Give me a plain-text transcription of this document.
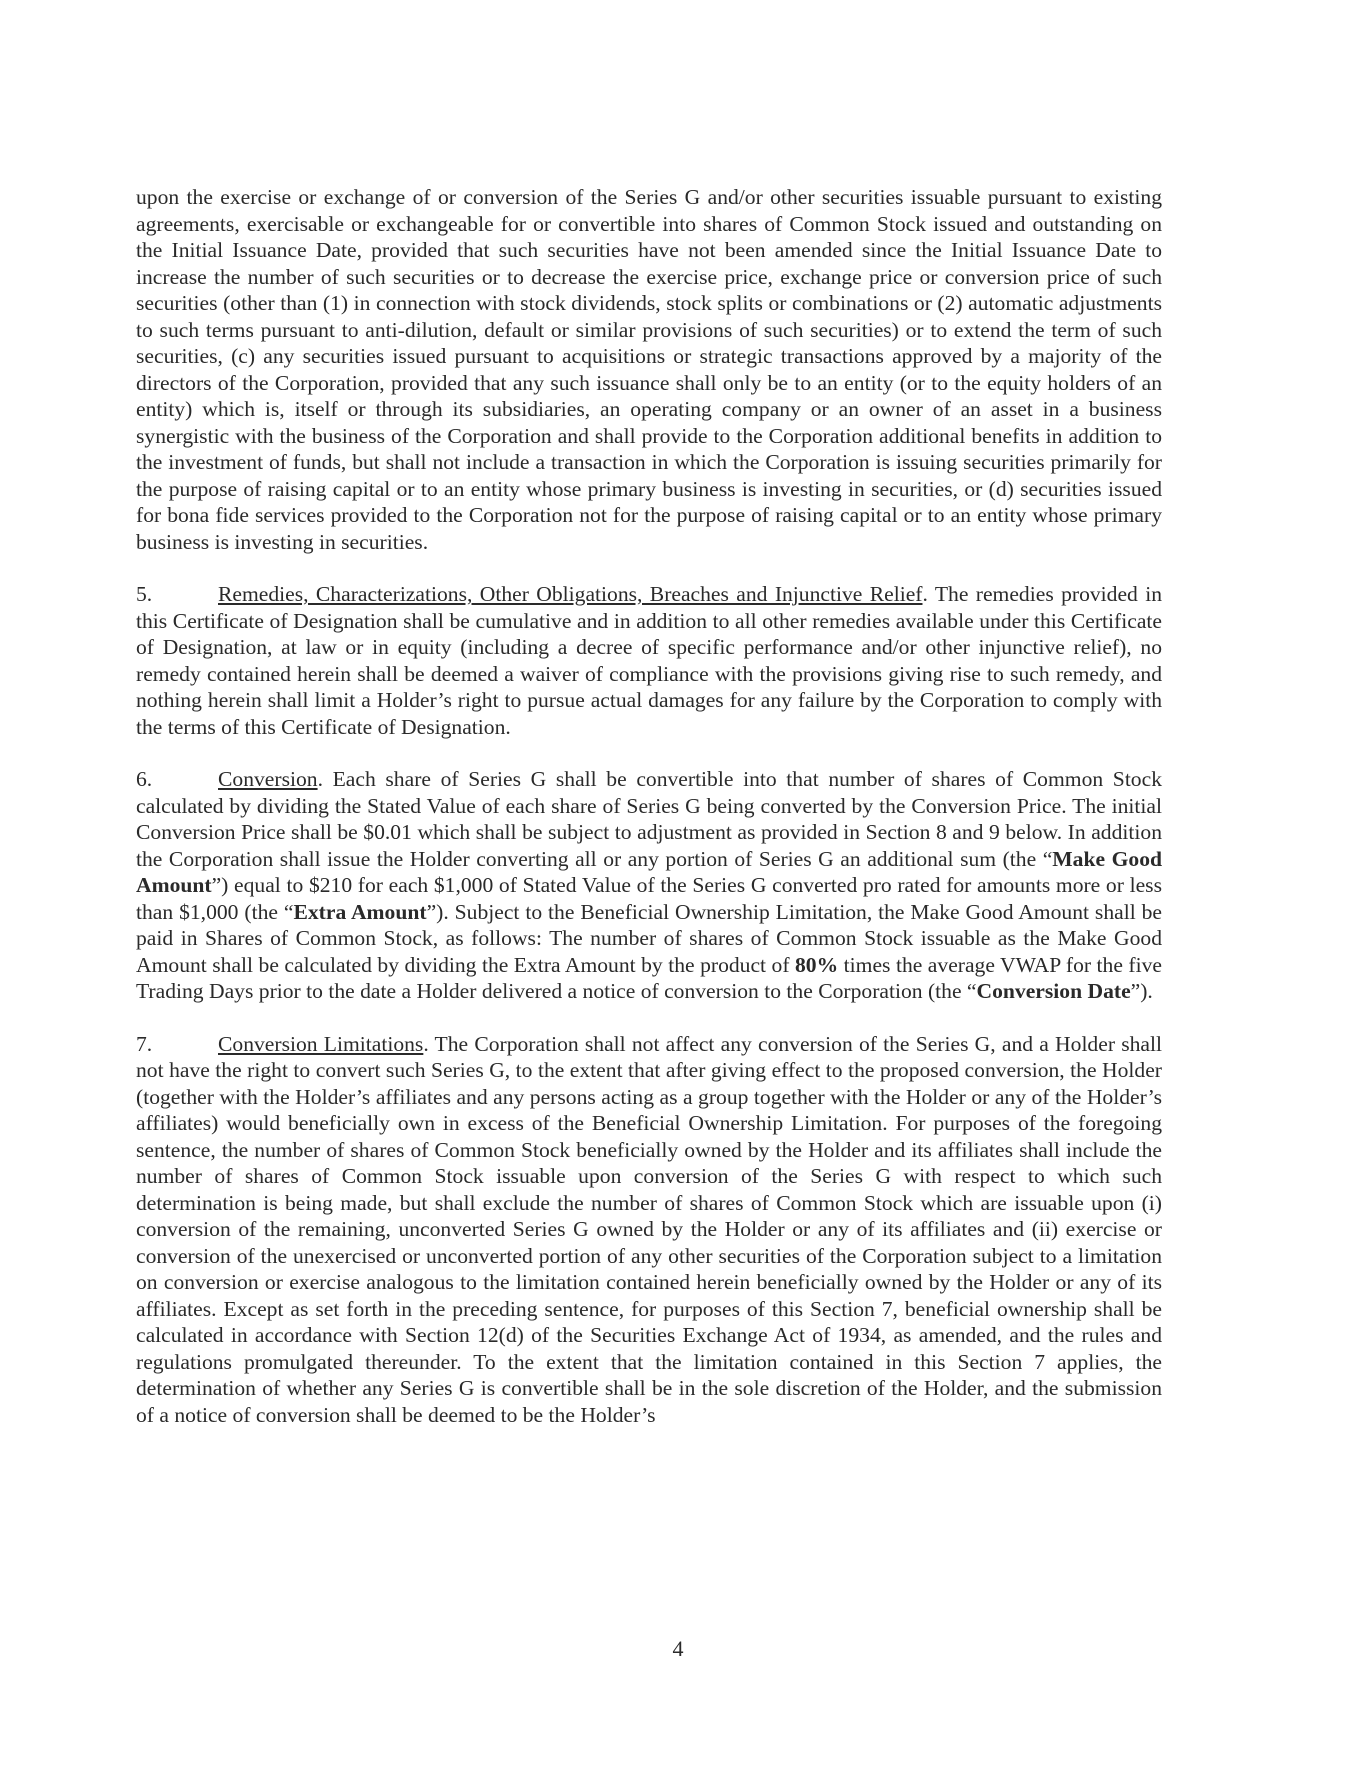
upon the exercise or exchange of or conversion of the Series G and/or other securities issuable pursuant to existing agreements, exercisable or exchangeable for or convertible into shares of Common Stock issued and outstanding on the Initial Issuance Date, provided that such securities have not been amended since the Initial Issuance Date to increase the number of such securities or to decrease the exercise price, exchange price or conversion price of such securities (other than (1) in connection with stock dividends, stock splits or combinations or (2) automatic adjustments to such terms pursuant to anti-dilution, default or similar provisions of such securities) or to extend the term of such securities, (c) any securities issued pursuant to acquisitions or strategic transactions approved by a majority of the directors of the Corporation, provided that any such issuance shall only be to an entity (or to the equity holders of an entity) which is, itself or through its subsidiaries, an operating company or an owner of an asset in a business synergistic with the business of the Corporation and shall provide to the Corporation additional benefits in addition to the investment of funds, but shall not include a transaction in which the Corporation is issuing securities primarily for the purpose of raising capital or to an entity whose primary business is investing in securities, or (d) securities issued for bona fide services provided to the Corporation not for the purpose of raising capital or to an entity whose primary business is investing in securities.

5.	Remedies, Characterizations, Other Obligations, Breaches and Injunctive Relief. The remedies provided in this Certificate of Designation shall be cumulative and in addition to all other remedies available under this Certificate of Designation, at law or in equity (including a decree of specific performance and/or other injunctive relief), no remedy contained herein shall be deemed a waiver of compliance with the provisions giving rise to such remedy, and nothing herein shall limit a Holder’s right to pursue actual damages for any failure by the Corporation to comply with the terms of this Certificate of Designation.

6.	Conversion. Each share of Series G shall be convertible into that number of shares of Common Stock calculated by dividing the Stated Value of each share of Series G being converted by the Conversion Price. The initial Conversion Price shall be $0.01 which shall be subject to adjustment as provided in Section 8 and 9 below. In addition the Corporation shall issue the Holder converting all or any portion of Series G an additional sum (the “Make Good Amount”) equal to $210 for each $1,000 of Stated Value of the Series G converted pro rated for amounts more or less than $1,000 (the “Extra Amount”). Subject to the Beneficial Ownership Limitation, the Make Good Amount shall be paid in Shares of Common Stock, as follows: The number of shares of Common Stock issuable as the Make Good Amount shall be calculated by dividing the Extra Amount by the product of 80% times the average VWAP for the five Trading Days prior to the date a Holder delivered a notice of conversion to the Corporation (the “Conversion Date”).

7.	Conversion Limitations. The Corporation shall not affect any conversion of the Series G, and a Holder shall not have the right to convert such Series G, to the extent that after giving effect to the proposed conversion, the Holder (together with the Holder’s affiliates and any persons acting as a group together with the Holder or any of the Holder’s affiliates) would beneficially own in excess of the Beneficial Ownership Limitation. For purposes of the foregoing sentence, the number of shares of Common Stock beneficially owned by the Holder and its affiliates shall include the number of shares of Common Stock issuable upon conversion of the Series G with respect to which such determination is being made, but shall exclude the number of shares of Common Stock which are issuable upon (i) conversion of the remaining, unconverted Series G owned by the Holder or any of its affiliates and (ii) exercise or conversion of the unexercised or unconverted portion of any other securities of the Corporation subject to a limitation on conversion or exercise analogous to the limitation contained herein beneficially owned by the Holder or any of its affiliates. Except as set forth in the preceding sentence, for purposes of this Section 7, beneficial ownership shall be calculated in accordance with Section 12(d) of the Securities Exchange Act of 1934, as amended, and the rules and regulations promulgated thereunder. To the extent that the limitation contained in this Section 7 applies, the determination of whether any Series G is convertible shall be in the sole discretion of the Holder, and the submission of a notice of conversion shall be deemed to be the Holder’s

4
